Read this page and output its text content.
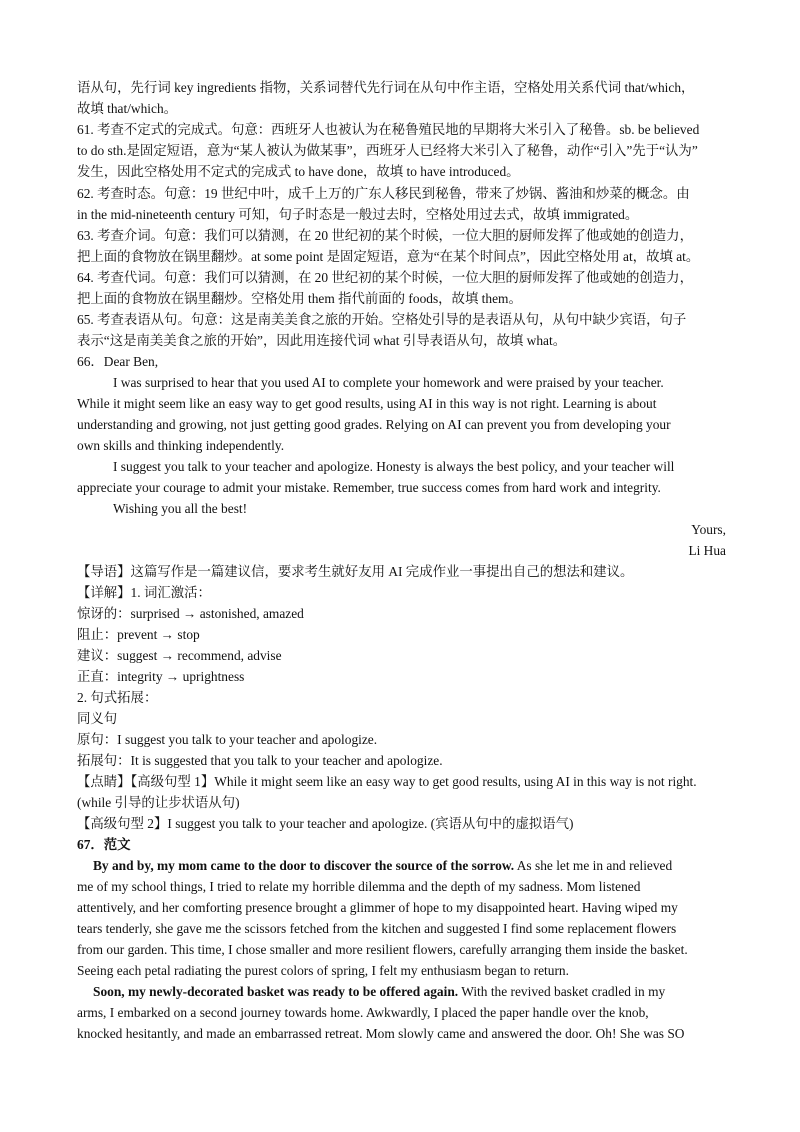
语从句，先行词 key ingredients 指物，关系词替代先行词在从句中作主语，空格处用关系代词 that/which，
故填 that/which。
61. 考查不定式的完成式。句意：西班牙人也被认为在秘鲁殖民地的早期将大米引入了秘鲁。sb. be believed
to do sth.是固定短语，意为“某人被认为做某事”，西班牙人已经将大米引入了秘鲁，动作“引入”先于“认为”
发生，因此空格处用不定式的完成式 to have done，故填 to have introduced。
62. 考查时态。句意：19 世纪中叶，成千上万的广东人移民到秘鲁，带来了炒锅、酱油和炒菜的概念。由
in the mid-nineteenth century 可知，句子时态是一般过去时，空格处用过去式，故填 immigrated。
63. 考查介词。句意：我们可以猜测，在 20 世纪初的某个时候，一位大胆的厨师发挥了他或她的创造力，
把上面的食物放在锅里翻炒。at some point 是固定短语，意为“在某个时间点”，因此空格处用 at，故填 at。
64. 考查代词。句意：我们可以猜测，在 20 世纪初的某个时候，一位大胆的厨师发挥了他或她的创造力，
把上面的食物放在锅里翻炒。空格处用 them 指代前面的 foods，故填 them。
65. 考查表语从句。句意：这是南美美食之旅的开始。空格处引导的是表语从句，从句中缺少宾语，句子
表示“这是南美美食之旅的开始”，因此用连接代词 what 引导表语从句，故填 what。
66．Dear Ben,
I was surprised to hear that you used AI to complete your homework and were praised by your teacher.
While it might seem like an easy way to get good results, using AI in this way is not right. Learning is about
understanding and growing, not just getting good grades. Relying on AI can prevent you from developing your
own skills and thinking independently.
I suggest you talk to your teacher and apologize. Honesty is always the best policy, and your teacher will
appreciate your courage to admit your mistake. Remember, true success comes from hard work and integrity.
Wishing you all the best!
Yours,
Li Hua
【导语】这篇写作是一篇建议信，要求考生就好友用 AI 完成作业一事提出自己的想法和建议。
【详解】1. 词汇激活：
惊讶的：surprised → astonished, amazed
阻止：prevent → stop
建议：suggest → recommend, advise
正直：integrity → uprightness
2. 句式拓展：
同义句
原句：I suggest you talk to your teacher and apologize.
拓展句：It is suggested that you talk to your teacher and apologize.
【点睛】【高级句型 1】While it might seem like an easy way to get good results, using AI in this way is not right.
(while 引导的让步状语从句)
【高级句型 2】I suggest you talk to your teacher and apologize. (宾语从句中的虚拟语气)
67．范文
By and by, my mom came to the door to discover the source of the sorrow. As she let me in and relieved
me of my school things, I tried to relate my horrible dilemma and the depth of my sadness. Mom listened
attentively, and her comforting presence brought a glimmer of hope to my disappointed heart. Having wiped my
tears tenderly, she gave me the scissors fetched from the kitchen and suggested I find some replacement flowers
from our garden. This time, I chose smaller and more resilient flowers, carefully arranging them inside the basket.
Seeing each petal radiating the purest colors of spring, I felt my enthusiasm began to return.
Soon, my newly-decorated basket was ready to be offered again. With the revived basket cradled in my
arms, I embarked on a second journey towards home. Awkwardly, I placed the paper handle over the knob,
knocked hesitantly, and made an embarrassed retreat. Mom slowly came and answered the door. Oh! She was SO
